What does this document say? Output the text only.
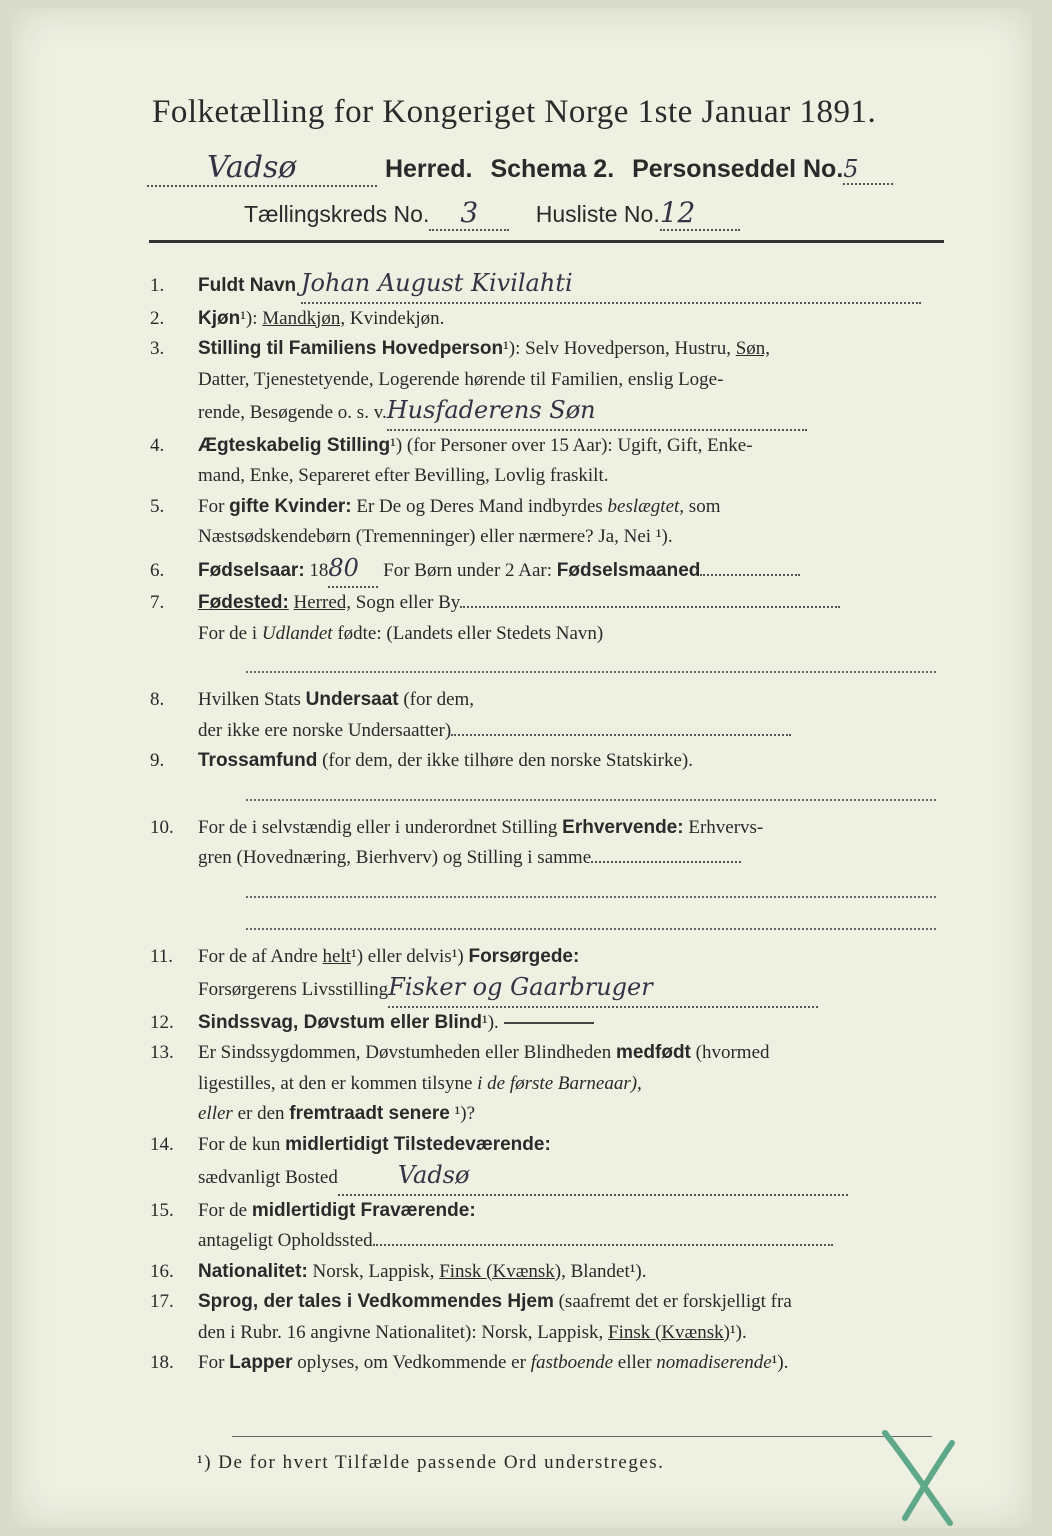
Folketælling for Kongeriget Norge 1ste Januar 1891.
Vadsø	Herred. Schema 2. Personseddel No.5
Tællingskreds No. 3 Husliste No.12
1. Fuldt Navn Johan August Kivilahti
2. Kjøn¹): Mandkjøn, Kvindekjøn.
3. Stilling til Familiens Hovedperson¹): Selv Hovedperson, Hustru, Søn,
Datter, Tjenestetyende, Logerende hørende til Familien, enslig Loge-
rende, Besøgende o. s. v.Husfaderens Søn
4. Ægteskabelig Stilling¹) (for Personer over 15 Aar): Ugift, Gift, Enke-
mand, Enke, Separeret efter Bevilling, Lovlig fraskilt.
5. For gifte Kvinder: Er De og Deres Mand indbyrdes beslægtet, som
Næstsødskendebørn (Tremenninger) eller nærmere? Ja, Nei ¹).
6. Fødselsaar: 1880 For Børn under 2 Aar: Fødselsmaaned
7. Fødested: Herred, Sogn eller By
For de i Udlandet fødte: (Landets eller Stedets Navn)
8. Hvilken Stats Undersaat (for dem,
der ikke ere norske Undersaatter)
9. Trossamfund (for dem, der ikke tilhøre den norske Statskirke).
10. For de i selvstændig eller i underordnet Stilling Erhvervende: Erhvervs-
gren (Hovednæring, Bierhverv) og Stilling i samme
11. For de af Andre helt¹) eller delvis¹) Forsørgede:
Forsørgerens LivsstillingFisker og Gaarbruger
12. Sindssvag, Døvstum eller Blind¹).
13. Er Sindssygdommen, Døvstumheden eller Blindheden medfødt (hvormed
ligestilles, at den er kommen tilsyne i de første Barneaar),
eller er den fremtraadt senere ¹)?
14. For de kun midlertidigt Tilstedeværende:
sædvanligt Bosted	Vadsø
15. For de midlertidigt Fraværende:
antageligt Opholdssted
16. Nationalitet: Norsk, Lappisk, Finsk (Kvænsk), Blandet¹).
17. Sprog, der tales i Vedkommendes Hjem (saafremt det er forskjelligt fra
den i Rubr. 16 angivne Nationalitet): Norsk, Lappisk, Finsk (Kvænsk)¹).
18. For Lapper oplyses, om Vedkommende er fastboende eller nomadiserende¹).
¹) De for hvert Tilfælde passende Ord understreges.
